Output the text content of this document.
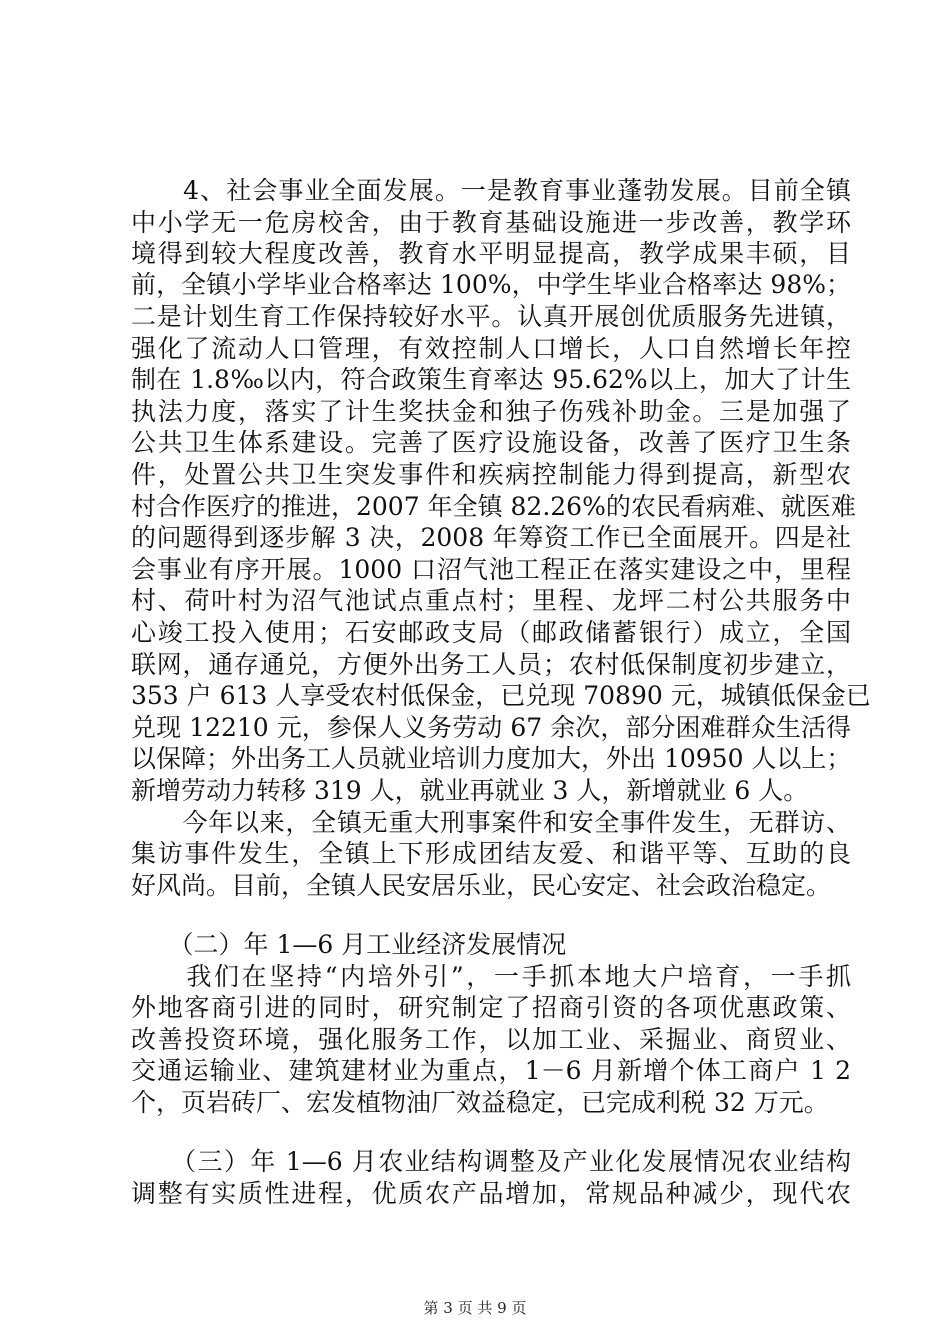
　　4、社会事业全面发展。一是教育事业蓬勃发展。目前全镇
中小学无一危房校舍，由于教育基础设施进一步改善，教学环
境得到较大程度改善，教育水平明显提高，教学成果丰硕，目
前，全镇小学毕业合格率达 100%，中学生毕业合格率达 98%；
二是计划生育工作保持较好水平。认真开展创优质服务先进镇，
强化了流动人口管理，有效控制人口增长，人口自然增长年控
制在 1.8‰以内，符合政策生育率达 95.62%以上，加大了计生
执法力度，落实了计生奖扶金和独子伤残补助金。三是加强了
公共卫生体系建设。完善了医疗设施设备，改善了医疗卫生条
件，处置公共卫生突发事件和疾病控制能力得到提高，新型农
村合作医疗的推进，2007 年全镇 82.26%的农民看病难、就医难
的问题得到逐步解 3 决，2008 年筹资工作已全面展开。四是社
会事业有序开展。1000 口沼气池工程正在落实建设之中，里程
村、荷叶村为沼气池试点重点村；里程、龙坪二村公共服务中
心竣工投入使用；石安邮政支局（邮政储蓄银行）成立，全国
联网，通存通兑，方便外出务工人员；农村低保制度初步建立，
353 户 613 人享受农村低保金，已兑现 70890 元，城镇低保金已
兑现 12210 元，参保人义务劳动 67 余次，部分困难群众生活得
以保障；外出务工人员就业培训力度加大，外出 10950 人以上；
新增劳动力转移 319 人，就业再就业 3 人，新增就业 6 人。
　　今年以来，全镇无重大刑事案件和安全事件发生，无群访、
集访事件发生，全镇上下形成团结友爱、和谐平等、互助的良
好风尚。目前，全镇人民安居乐业，民心安定、社会政治稳定。
　　（二）年 1—6 月工业经济发展情况
　　我们在坚持“内培外引”，一手抓本地大户培育，一手抓
外地客商引进的同时，研究制定了招商引资的各项优惠政策、
改善投资环境，强化服务工作，以加工业、采掘业、商贸业、
交通运输业、建筑建材业为重点，1－6 月新增个体工商户 1 2
个，页岩砖厂、宏发植物油厂效益稳定，已完成利税 32 万元。
　　（三）年 1—6 月农业结构调整及产业化发展情况农业结构
调整有实质性进程，优质农产品增加，常规品种减少，现代农
第 3 页 共 9 页
